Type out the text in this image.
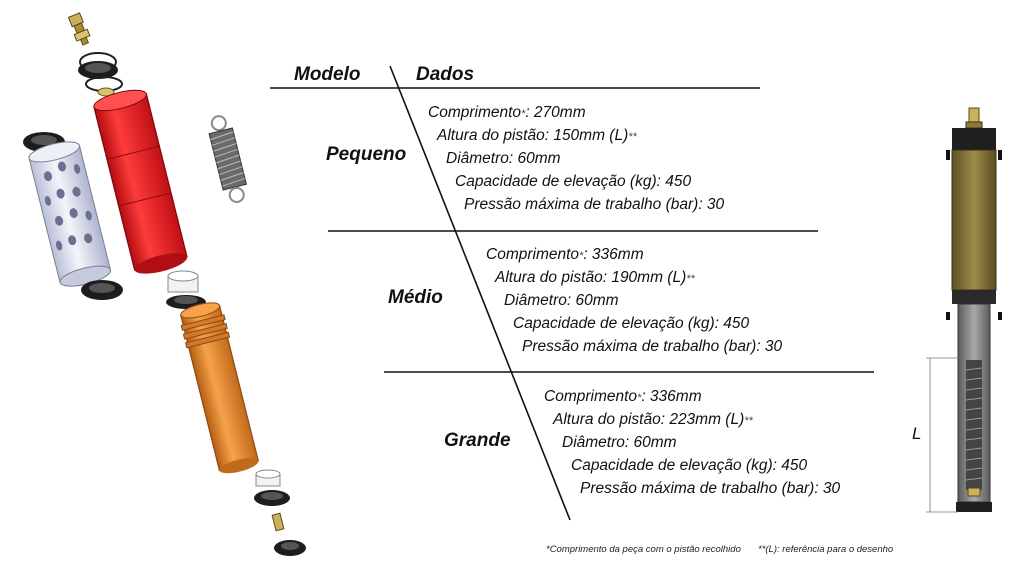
L
Modelo	Dados
Pequeno
Comprimento*: 270mm
Altura do pistão: 150mm (L)**
Diâmetro: 60mm
Capacidade de elevação (kg): 450
Pressão máxima de trabalho (bar): 30
Médio
Comprimento*: 336mm
Altura do pistão: 190mm (L)**
Diâmetro: 60mm
Capacidade de elevação (kg): 450
Pressão máxima de trabalho (bar): 30
Grande
Comprimento*: 336mm
Altura do pistão: 223mm (L)**
Diâmetro: 60mm
Capacidade de elevação (kg): 450
Pressão máxima de trabalho (bar): 30
*Comprimento da peça com o pistão recolhido **(L): referência para o desenho
